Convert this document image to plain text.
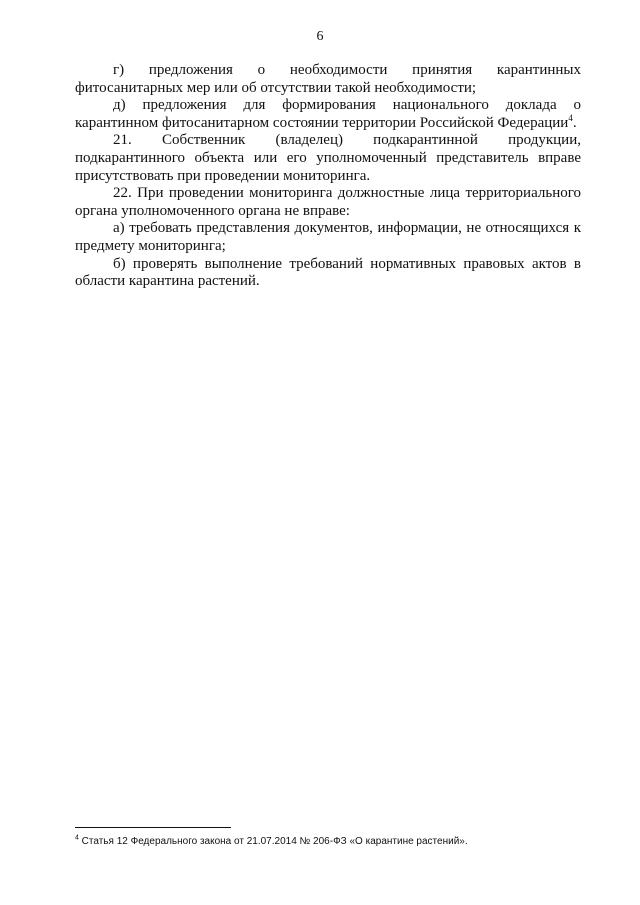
6

г) предложения о необходимости принятия карантинных фитосанитарных мер или об отсутствии такой необходимости;

д) предложения для формирования национального доклада о карантинном фитосанитарном состоянии территории Российской Федерации$^4$.

21. Собственник (владелец) подкарантинной продукции, подкарантинного объекта или его уполномоченный представитель вправе присутствовать при проведении мониторинга.

22. При проведении мониторинга должностные лица территориального органа уполномоченного органа не вправе:

а) требовать представления документов, информации, не относящихся к предмету мониторинга;

б) проверять выполнение требований нормативных правовых актов в области карантина растений.

$^4$ Статья 12 Федерального закона от 21.07.2014 № 206-ФЗ «О карантине растений».
